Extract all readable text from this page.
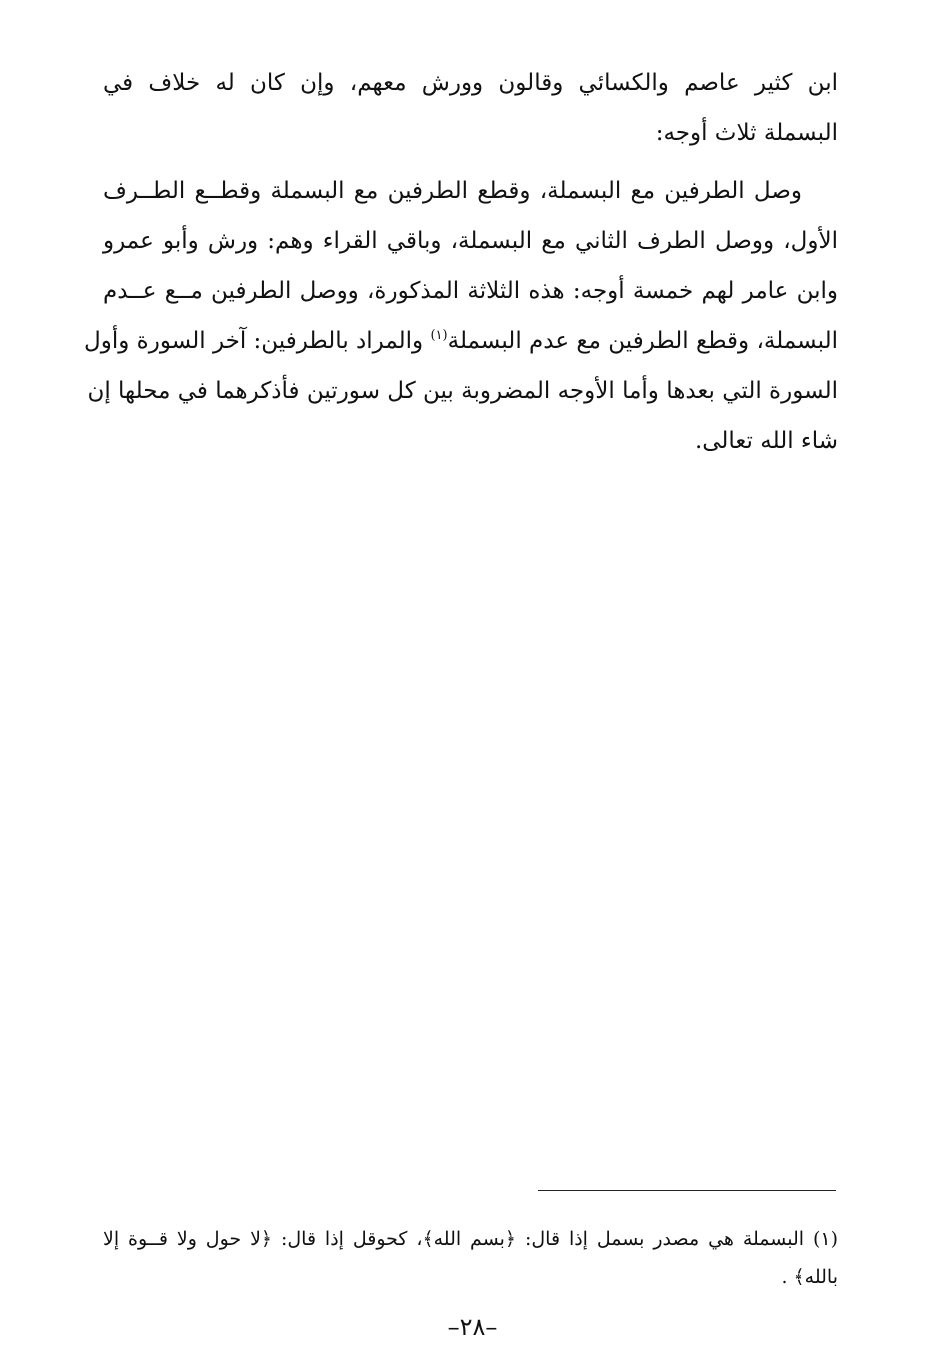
ابن كثير عاصم والكسائي وقالون وورش معهم، وإن كان له خلاف في
البسملة ثلاث أوجه:
وصل الطرفين مع البسملة، وقطع الطرفين مع البسملة وقطــع الطــرف
الأول، ووصل الطرف الثاني مع البسملة، وباقي القراء وهم: ورش وأبو عمرو
وابن عامر لهم خمسة أوجه: هذه الثلاثة المذكورة، ووصل الطرفين مــع عــدم
البسملة، وقطع الطرفين مع عدم البسملة$^{(١)}$ والمراد بالطرفين: آخر السورة وأول
السورة التي بعدها وأما الأوجه المضروبة بين كل سورتين فأذكرهما في محلها إن
شاء الله تعالى.
(١) البسملة هي مصدر بسمل إذا قال: ﴿بسم الله﴾، كحوقل إذا قال: ﴿لا حول ولا قــوة إلا
بالله﴾ .
–٢٨–
